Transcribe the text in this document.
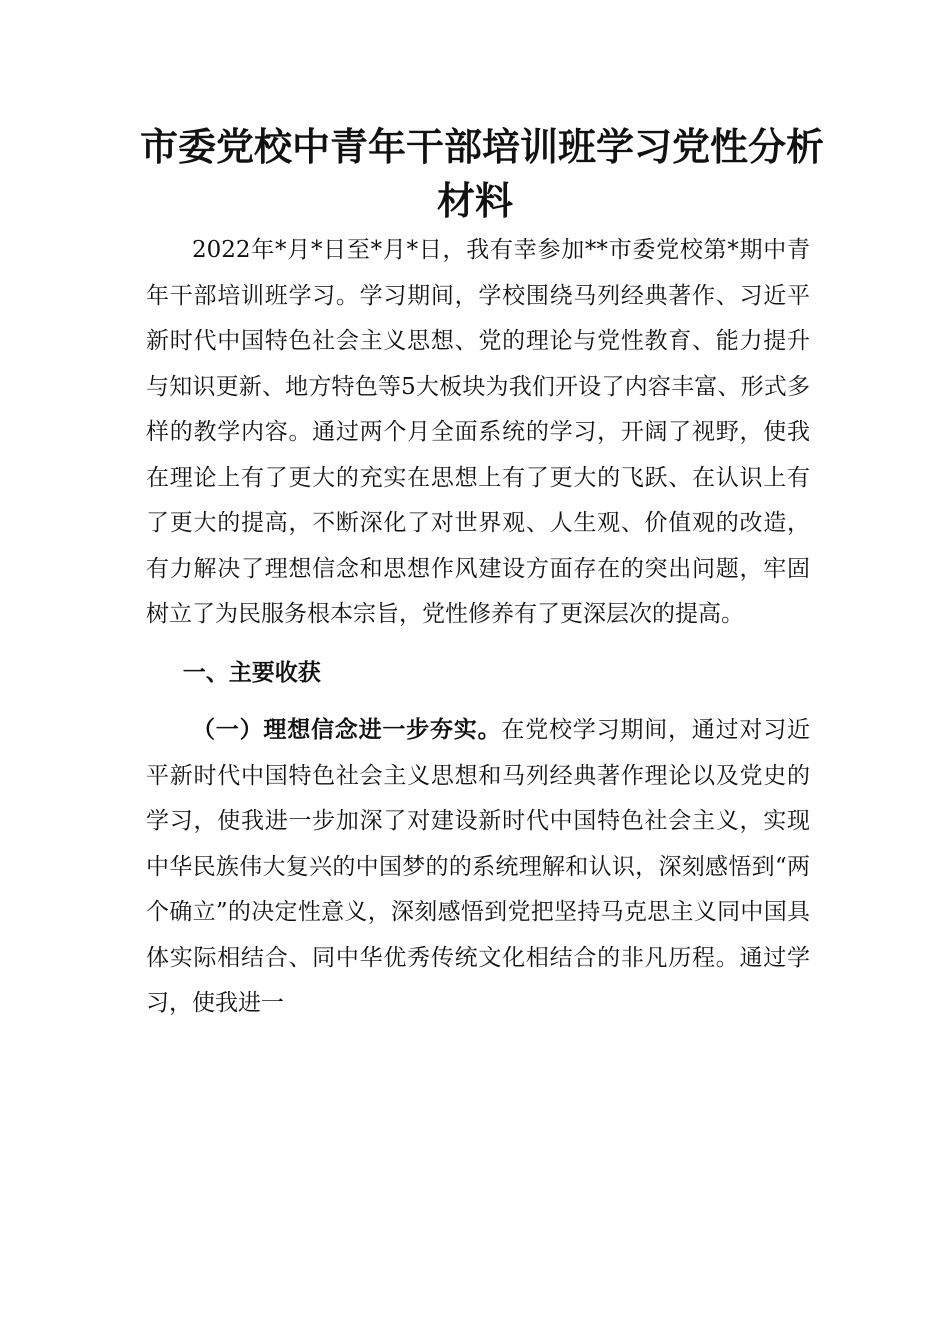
市委党校中青年干部培训班学习党性分析
材料

2022年*月*日至*月*日，我有幸参加**市委党校第*期中青年干部培训班学习。学习期间，学校围绕马列经典著作、习近平新时代中国特色社会主义思想、党的理论与党性教育、能力提升与知识更新、地方特色等5大板块为我们开设了内容丰富、形式多样的教学内容。通过两个月全面系统的学习，开阔了视野，使我在理论上有了更大的充实在思想上有了更大的飞跃、在认识上有了更大的提高，不断深化了对世界观、人生观、价值观的改造，有力解决了理想信念和思想作风建设方面存在的突出问题，牢固树立了为民服务根本宗旨，党性修养有了更深层次的提高。

一、主要收获

（一）理想信念进一步夯实。在党校学习期间，通过对习近平新时代中国特色社会主义思想和马列经典著作理论以及党史的学习，使我进一步加深了对建设新时代中国特色社会主义，实现中华民族伟大复兴的中国梦的的系统理解和认识，深刻感悟到“两个确立”的决定性意义，深刻感悟到党把坚持马克思主义同中国具体实际相结合、同中华优秀传统文化相结合的非凡历程。通过学习，使我进一
